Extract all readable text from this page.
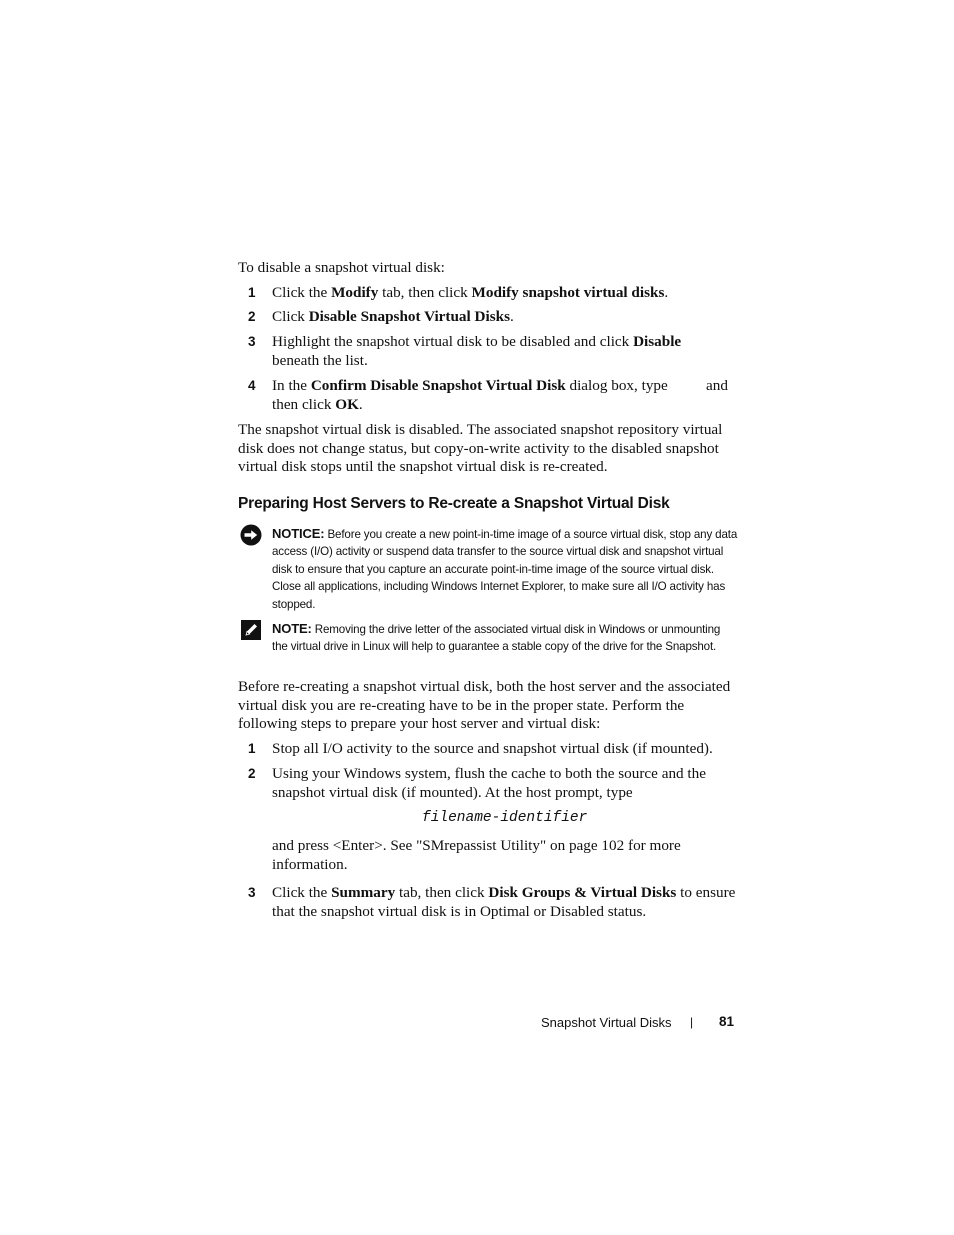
To disable a snapshot virtual disk:
1 Click the Modify tab, then click Modify snapshot virtual disks.
2 Click Disable Snapshot Virtual Disks.
3 Highlight the snapshot virtual disk to be disabled and click Disable beneath the list.
4 In the Confirm Disable Snapshot Virtual Disk dialog box, type	and
then click OK.
The snapshot virtual disk is disabled. The associated snapshot repository virtual disk does not change status, but copy-on-write activity to the disabled snapshot virtual disk stops until the snapshot virtual disk is re-created.
Preparing Host Servers to Re-create a Snapshot Virtual Disk
NOTICE: Before you create a new point-in-time image of a source virtual disk, stop any data access (I/O) activity or suspend data transfer to the source virtual disk and snapshot virtual disk to ensure that you capture an accurate point-in-time image of the source virtual disk. Close all applications, including Windows Internet Explorer, to make sure all I/O activity has stopped.
NOTE: Removing the drive letter of the associated virtual disk in Windows or unmounting the virtual drive in Linux will help to guarantee a stable copy of the drive for the Snapshot.
Before re-creating a snapshot virtual disk, both the host server and the associated virtual disk you are re-creating have to be in the proper state. Perform the following steps to prepare your host server and virtual disk:
1 Stop all I/O activity to the source and snapshot virtual disk (if mounted).
2 Using your Windows system, flush the cache to both the source and the snapshot virtual disk (if mounted). At the host prompt, type
filename-identifier
and press <Enter>. See "SMrepassist Utility" on page 102 for more information.
3 Click the Summary tab, then click Disk Groups & Virtual Disks to ensure that the snapshot virtual disk is in Optimal or Disabled status.
Snapshot Virtual Disks | 81
